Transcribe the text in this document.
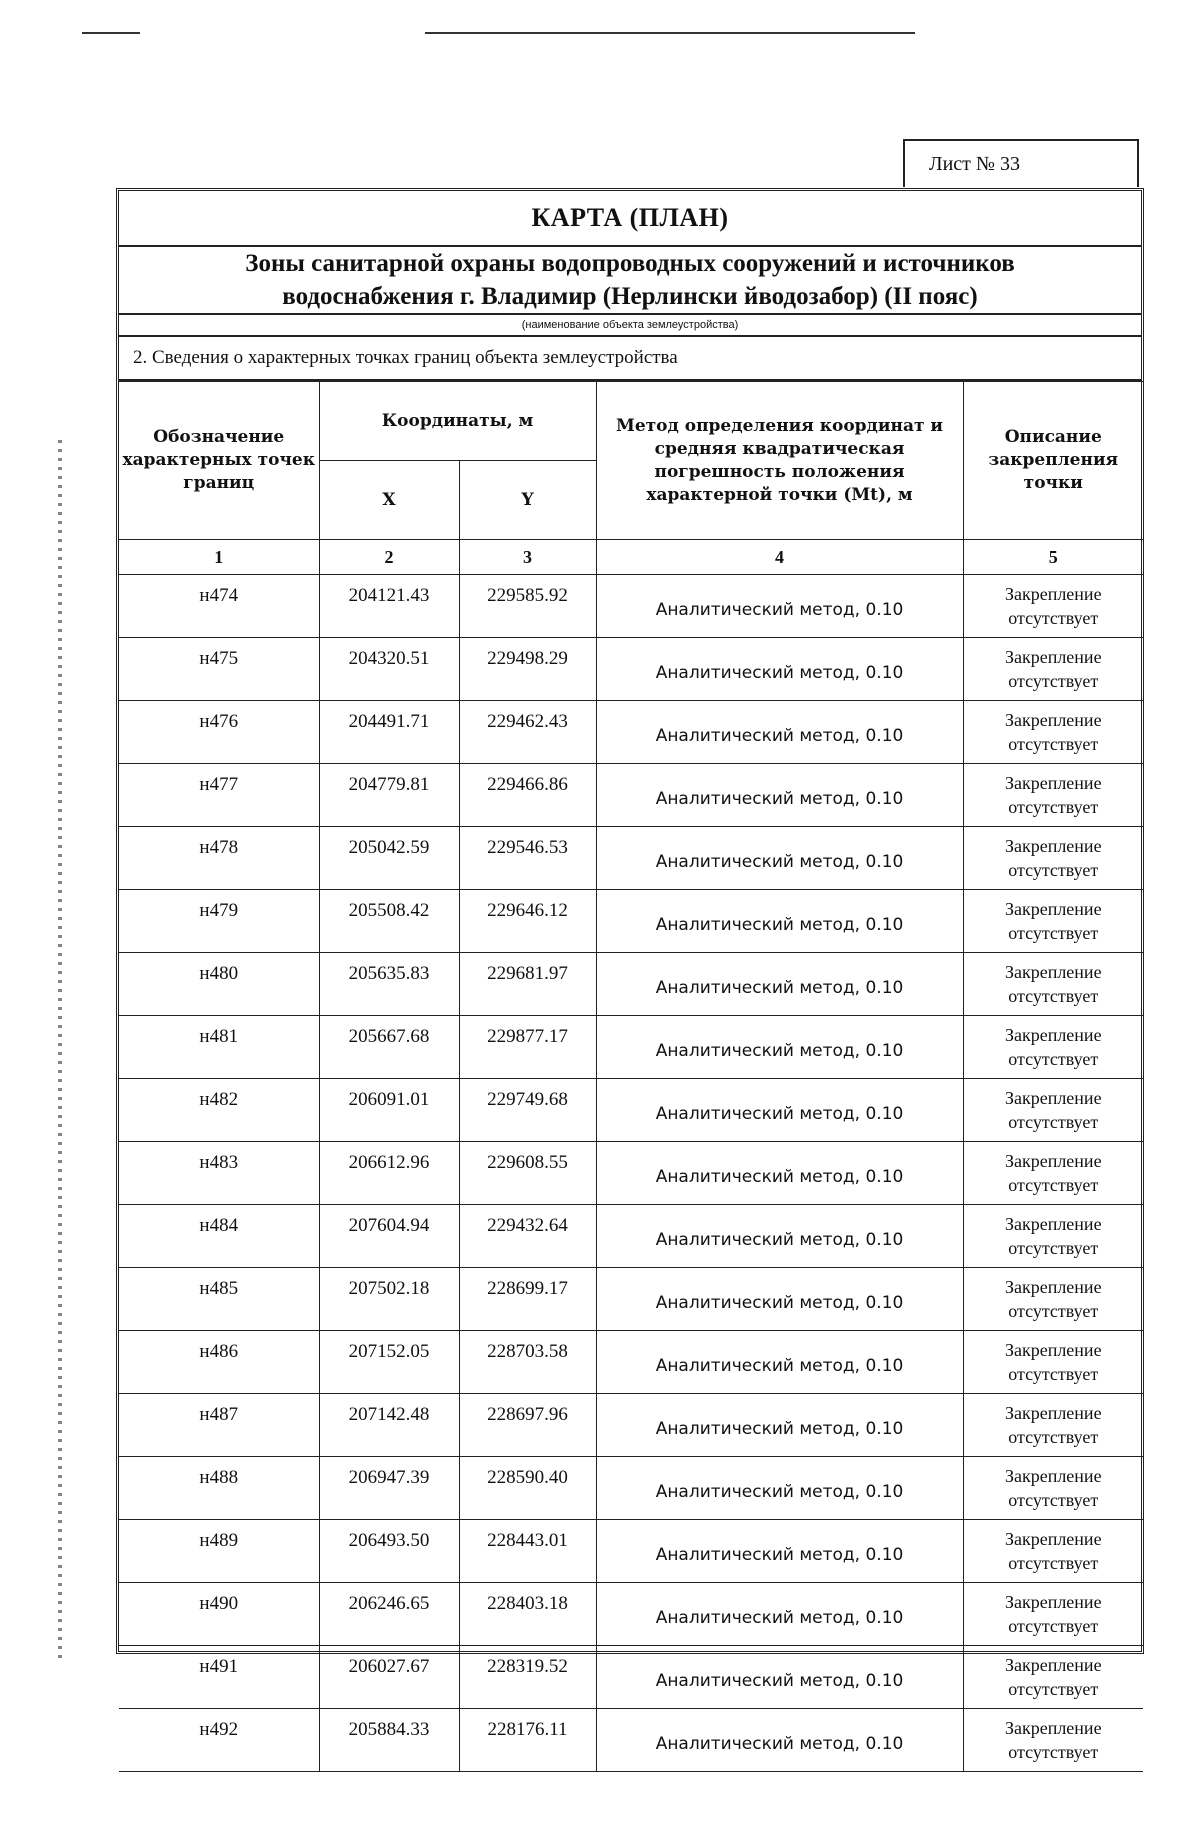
Лист № 33
КАРТА (ПЛАН)
Зоны санитарной охраны водопроводных сооружений и источников
водоснабжения г. Владимир (Нерлински йводозабор) (II пояс)
(наименование объекта землеустройства)
2. Сведения о характерных точках границ объекта землеустройства
Обозначение характерных точек границ	Координаты, м		Метод определения координат и средняя квадратическая погрешность положения характерной точки (Mt), м	Описание закрепления точки
	X	Y		
1	2	3	4	5
н474	204121.43	229585.92	Аналитический метод, 0.10	Закрепление отсутствует
н475	204320.51	229498.29	Аналитический метод, 0.10	Закрепление отсутствует
н476	204491.71	229462.43	Аналитический метод, 0.10	Закрепление отсутствует
н477	204779.81	229466.86	Аналитический метод, 0.10	Закрепление отсутствует
н478	205042.59	229546.53	Аналитический метод, 0.10	Закрепление отсутствует
н479	205508.42	229646.12	Аналитический метод, 0.10	Закрепление отсутствует
н480	205635.83	229681.97	Аналитический метод, 0.10	Закрепление отсутствует
н481	205667.68	229877.17	Аналитический метод, 0.10	Закрепление отсутствует
н482	206091.01	229749.68	Аналитический метод, 0.10	Закрепление отсутствует
н483	206612.96	229608.55	Аналитический метод, 0.10	Закрепление отсутствует
н484	207604.94	229432.64	Аналитический метод, 0.10	Закрепление отсутствует
н485	207502.18	228699.17	Аналитический метод, 0.10	Закрепление отсутствует
н486	207152.05	228703.58	Аналитический метод, 0.10	Закрепление отсутствует
н487	207142.48	228697.96	Аналитический метод, 0.10	Закрепление отсутствует
н488	206947.39	228590.40	Аналитический метод, 0.10	Закрепление отсутствует
н489	206493.50	228443.01	Аналитический метод, 0.10	Закрепление отсутствует
н490	206246.65	228403.18	Аналитический метод, 0.10	Закрепление отсутствует
н491	206027.67	228319.52	Аналитический метод, 0.10	Закрепление отсутствует
н492	205884.33	228176.11	Аналитический метод, 0.10	Закрепление отсутствует
